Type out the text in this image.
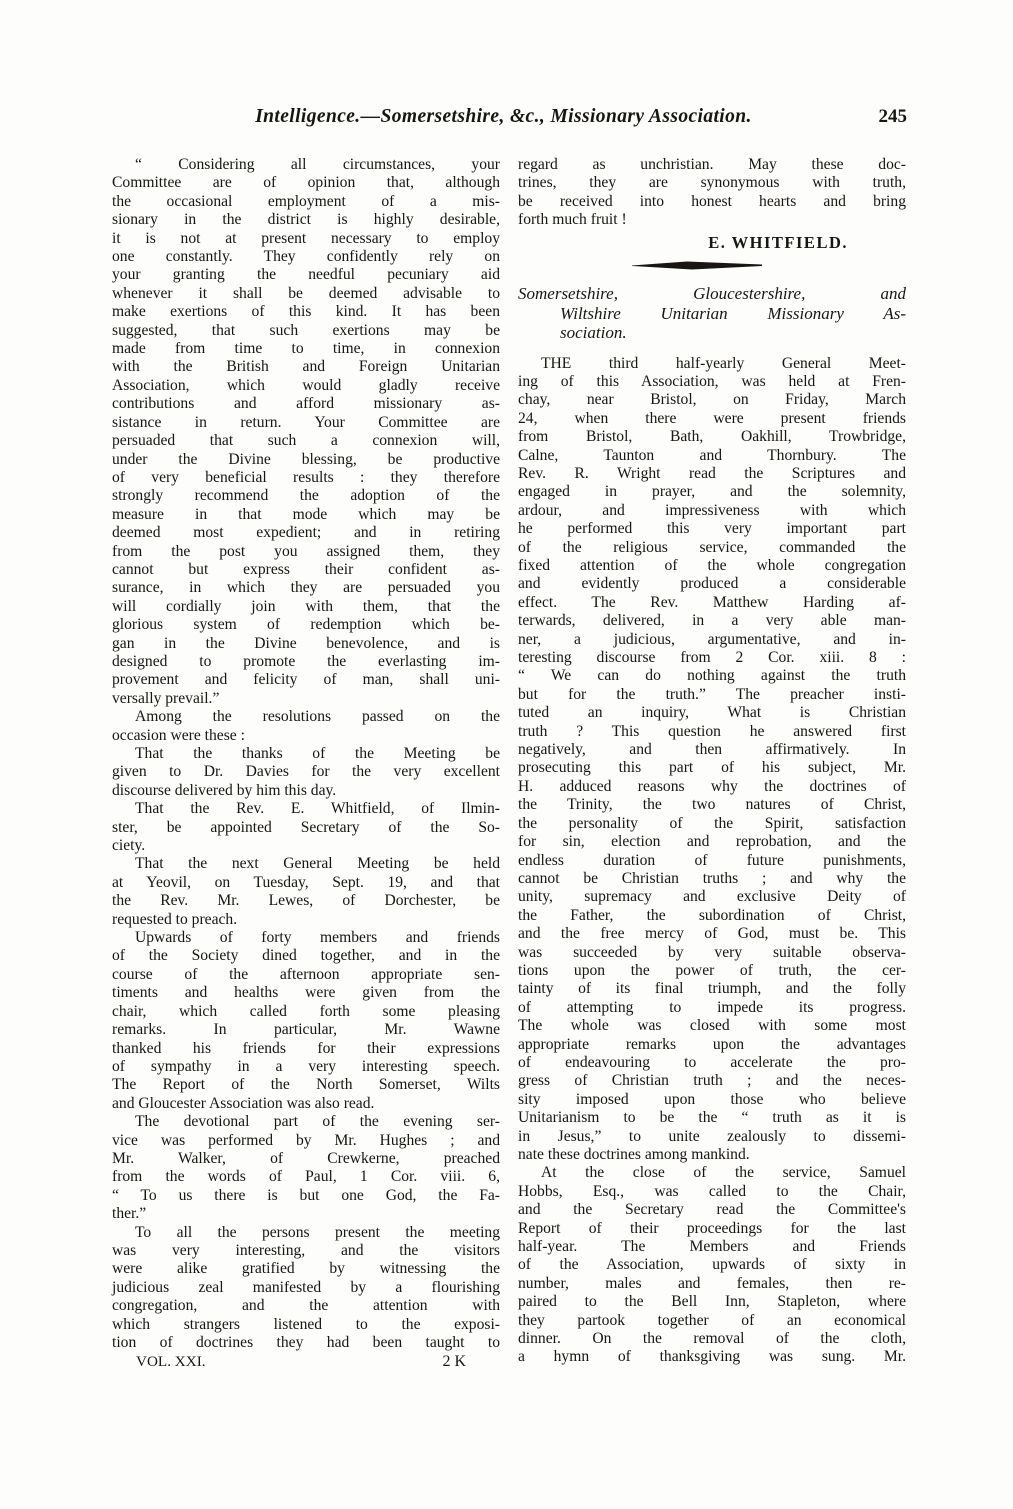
Intelligence.—Somersetshire, &c., Missionary Association.	245
“ Considering all circumstances, your
Committee are of opinion that, although
the occasional employment of a mis-
sionary in the district is highly desirable,
it is not at present necessary to employ
one constantly. They confidently rely on
your granting the needful pecuniary aid
whenever it shall be deemed advisable to
make exertions of this kind. It has been
suggested, that such exertions may be
made from time to time, in connexion
with the British and Foreign Unitarian
Association, which would gladly receive
contributions and afford missionary as-
sistance in return. Your Committee are
persuaded that such a connexion will,
under the Divine blessing, be productive
of very beneficial results : they therefore
strongly recommend the adoption of the
measure in that mode which may be
deemed most expedient; and in retiring
from the post you assigned them, they
cannot but express their confident as-
surance, in which they are persuaded you
will cordially join with them, that the
glorious system of redemption which be-
gan in the Divine benevolence, and is
designed to promote the everlasting im-
provement and felicity of man, shall uni-
versally prevail.”
Among the resolutions passed on the
occasion were these :
That the thanks of the Meeting be
given to Dr. Davies for the very excellent
discourse delivered by him this day.
That the Rev. E. Whitfield, of Ilmin-
ster, be appointed Secretary of the So-
ciety.
That the next General Meeting be held
at Yeovil, on Tuesday, Sept. 19, and that
the Rev. Mr. Lewes, of Dorchester, be
requested to preach.
Upwards of forty members and friends
of the Society dined together, and in the
course of the afternoon appropriate sen-
timents and healths were given from the
chair, which called forth some pleasing
remarks. In particular, Mr. Wawne
thanked his friends for their expressions
of sympathy in a very interesting speech.
The Report of the North Somerset, Wilts
and Gloucester Association was also read.
The devotional part of the evening ser-
vice was performed by Mr. Hughes ; and
Mr. Walker, of Crewkerne, preached
from the words of Paul, 1 Cor. viii. 6,
“ To us there is but one God, the Fa-
ther.”
To all the persons present the meeting
was very interesting, and the visitors
were alike gratified by witnessing the
judicious zeal manifested by a flourishing
congregation, and the attention with
which strangers listened to the exposi-
tion of doctrines they had been taught to
VOL. XXI.	2 K
regard as unchristian. May these doc-
trines, they are synonymous with truth,
be received into honest hearts and bring
forth much fruit !
E. WHITFIELD.
Somersetshire, Gloucestershire, and
Wiltshire Unitarian Missionary As-
sociation.
THE third half-yearly General Meet-
ing of this Association, was held at Fren-
chay, near Bristol, on Friday, March
24, when there were present friends
from Bristol, Bath, Oakhill, Trowbridge,
Calne, Taunton and Thornbury. The
Rev. R. Wright read the Scriptures and
engaged in prayer, and the solemnity,
ardour, and impressiveness with which
he performed this very important part
of the religious service, commanded the
fixed attention of the whole congregation
and evidently produced a considerable
effect. The Rev. Matthew Harding af-
terwards, delivered, in a very able man-
ner, a judicious, argumentative, and in-
teresting discourse from 2 Cor. xiii. 8 :
“ We can do nothing against the truth
but for the truth.” The preacher insti-
tuted an inquiry, What is Christian
truth ? This question he answered first
negatively, and then affirmatively. In
prosecuting this part of his subject, Mr.
H. adduced reasons why the doctrines of
the Trinity, the two natures of Christ,
the personality of the Spirit, satisfaction
for sin, election and reprobation, and the
endless duration of future punishments,
cannot be Christian truths ; and why the
unity, supremacy and exclusive Deity of
the Father, the subordination of Christ,
and the free mercy of God, must be. This
was succeeded by very suitable observa-
tions upon the power of truth, the cer-
tainty of its final triumph, and the folly
of attempting to impede its progress.
The whole was closed with some most
appropriate remarks upon the advantages
of endeavouring to accelerate the pro-
gress of Christian truth ; and the neces-
sity imposed upon those who believe
Unitarianism to be the “ truth as it is
in Jesus,” to unite zealously to dissemi-
nate these doctrines among mankind.
At the close of the service, Samuel
Hobbs, Esq., was called to the Chair,
and the Secretary read the Committee's
Report of their proceedings for the last
half-year. The Members and Friends
of the Association, upwards of sixty in
number, males and females, then re-
paired to the Bell Inn, Stapleton, where
they partook together of an economical
dinner. On the removal of the cloth,
a hymn of thanksgiving was sung. Mr.
